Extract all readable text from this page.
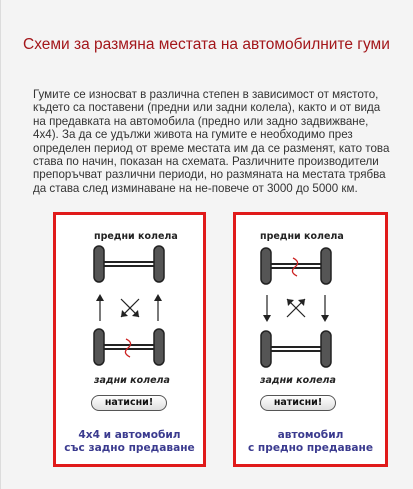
Схеми за размяна местата на автомобилните гуми

Гумите се износват в различна степен в зависимост от мястото, където са поставени (предни или задни колела), както и от вида на предавката на автомобила (предно или задно задвижване, 4х4). За да се удължи живота на гумите е необходимо през определен период от време местата им да се разменят, като това става по начин, показан на схемата. Различните производители препоръчват различни периоди, но размяната на местата трябва да става след изминаване на не-повече от 3000 до 5000 км.

предни колела
задни колела
натисни!
4х4 и автомобил
със задно предаване
предни колела
задни колела
натисни!
автомобил
с предно предаване
